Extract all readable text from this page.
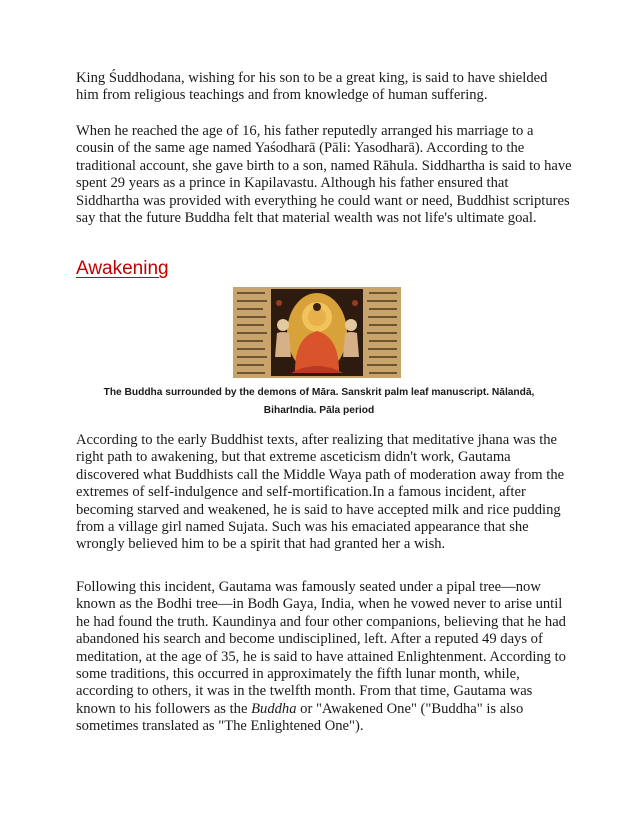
King Śuddhodana, wishing for his son to be a great king, is said to have shielded him from religious teachings and from knowledge of human suffering.

When he reached the age of 16, his father reputedly arranged his marriage to a cousin of the same age named Yaśodharā (Pāli: Yasodharā). According to the traditional account, she gave birth to a son, named Rāhula. Siddhartha is said to have spent 29 years as a prince in Kapilavastu. Although his father ensured that Siddhartha was provided with everything he could want or need, Buddhist scriptures say that the future Buddha felt that material wealth was not life's ultimate goal.

Awakening

The Buddha surrounded by the demons of Māra. Sanskrit palm leaf manuscript. Nālandā, BiharIndia. Pāla period

According to the early Buddhist texts, after realizing that meditative jhana was the right path to awakening, but that extreme asceticism didn't work, Gautama discovered what Buddhists call the Middle Waya path of moderation away from the extremes of self-indulgence and self-mortification.In a famous incident, after becoming starved and weakened, he is said to have accepted milk and rice pudding from a village girl named Sujata. Such was his emaciated appearance that she wrongly believed him to be a spirit that had granted her a wish.

Following this incident, Gautama was famously seated under a pipal tree—now known as the Bodhi tree—in Bodh Gaya, India, when he vowed never to arise until he had found the truth. Kaundinya and four other companions, believing that he had abandoned his search and become undisciplined, left. After a reputed 49 days of meditation, at the age of 35, he is said to have attained Enlightenment. According to some traditions, this occurred in approximately the fifth lunar month, while, according to others, it was in the twelfth month. From that time, Gautama was known to his followers as the Buddha or "Awakened One" ("Buddha" is also sometimes translated as "The Enlightened One").
